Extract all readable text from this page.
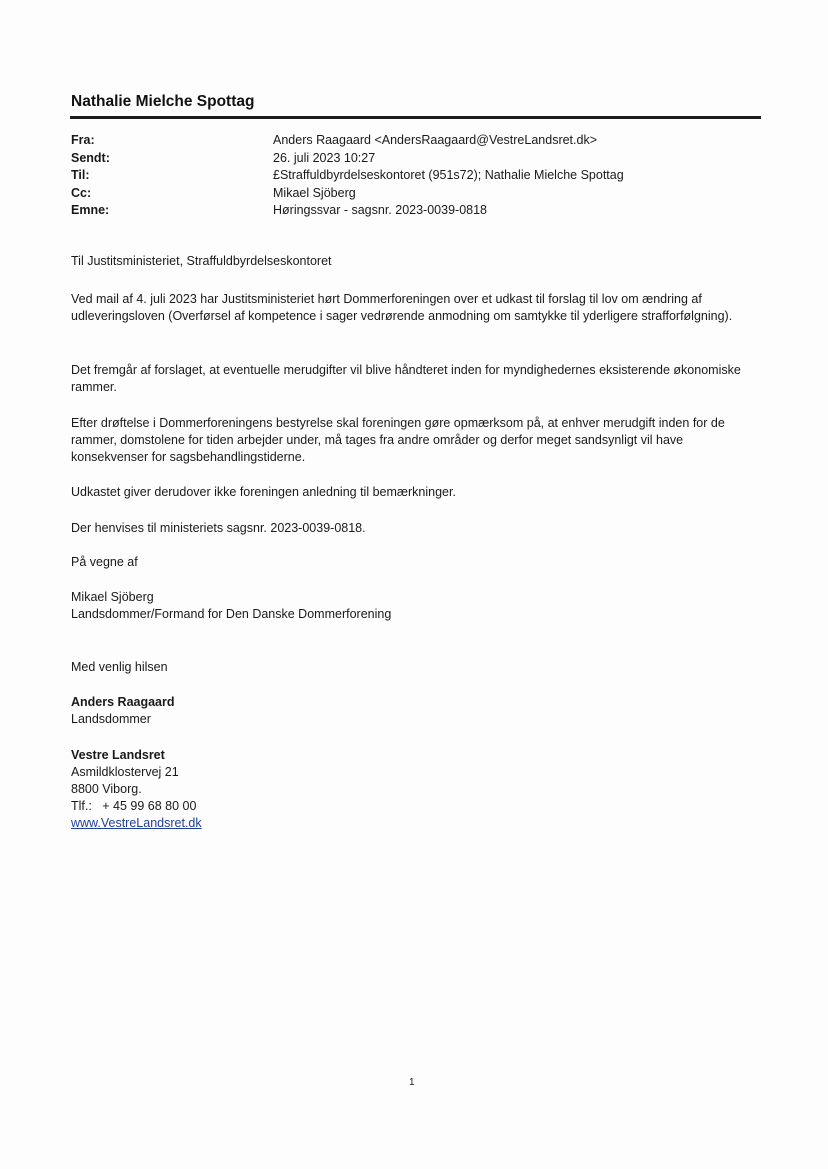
Nathalie Mielche Spottag
Fra:	Anders Raagaard <AndersRaagaard@VestreLandsret.dk>
Sendt:	26. juli 2023 10:27
Til:	£Straffuldbyrdelseskontoret (951s72); Nathalie Mielche Spottag
Cc:	Mikael Sjöberg
Emne:	Høringssvar - sagsnr. 2023-0039-0818

Til Justitsministeriet, Straffuldbyrdelseskontoret

Ved mail af 4. juli 2023 har Justitsministeriet hørt Dommerforeningen over et udkast til forslag til lov om ændring af udleveringsloven (Overførsel af kompetence i sager vedrørende anmodning om samtykke til yderligere strafforfølgning).

Det fremgår af forslaget, at eventuelle merudgifter vil blive håndteret inden for myndighedernes eksisterende økonomiske rammer.

Efter drøftelse i Dommerforeningens bestyrelse skal foreningen gøre opmærksom på, at enhver merudgift inden for de rammer, domstolene for tiden arbejder under, må tages fra andre områder og derfor meget sandsynligt vil have konsekvenser for sagsbehandlingstiderne.

Udkastet giver derudover ikke foreningen anledning til bemærkninger.

Der henvises til ministeriets sagsnr. 2023-0039-0818.

På vegne af

Mikael Sjöberg
Landsdommer/Formand for Den Danske Dommerforening

Med venlig hilsen

Anders Raagaard
Landsdommer
Vestre Landsret
Asmildklostervej 21
8800 Viborg.
Tlf.:   + 45 99 68 80 00
www.VestreLandsret.dk
1
